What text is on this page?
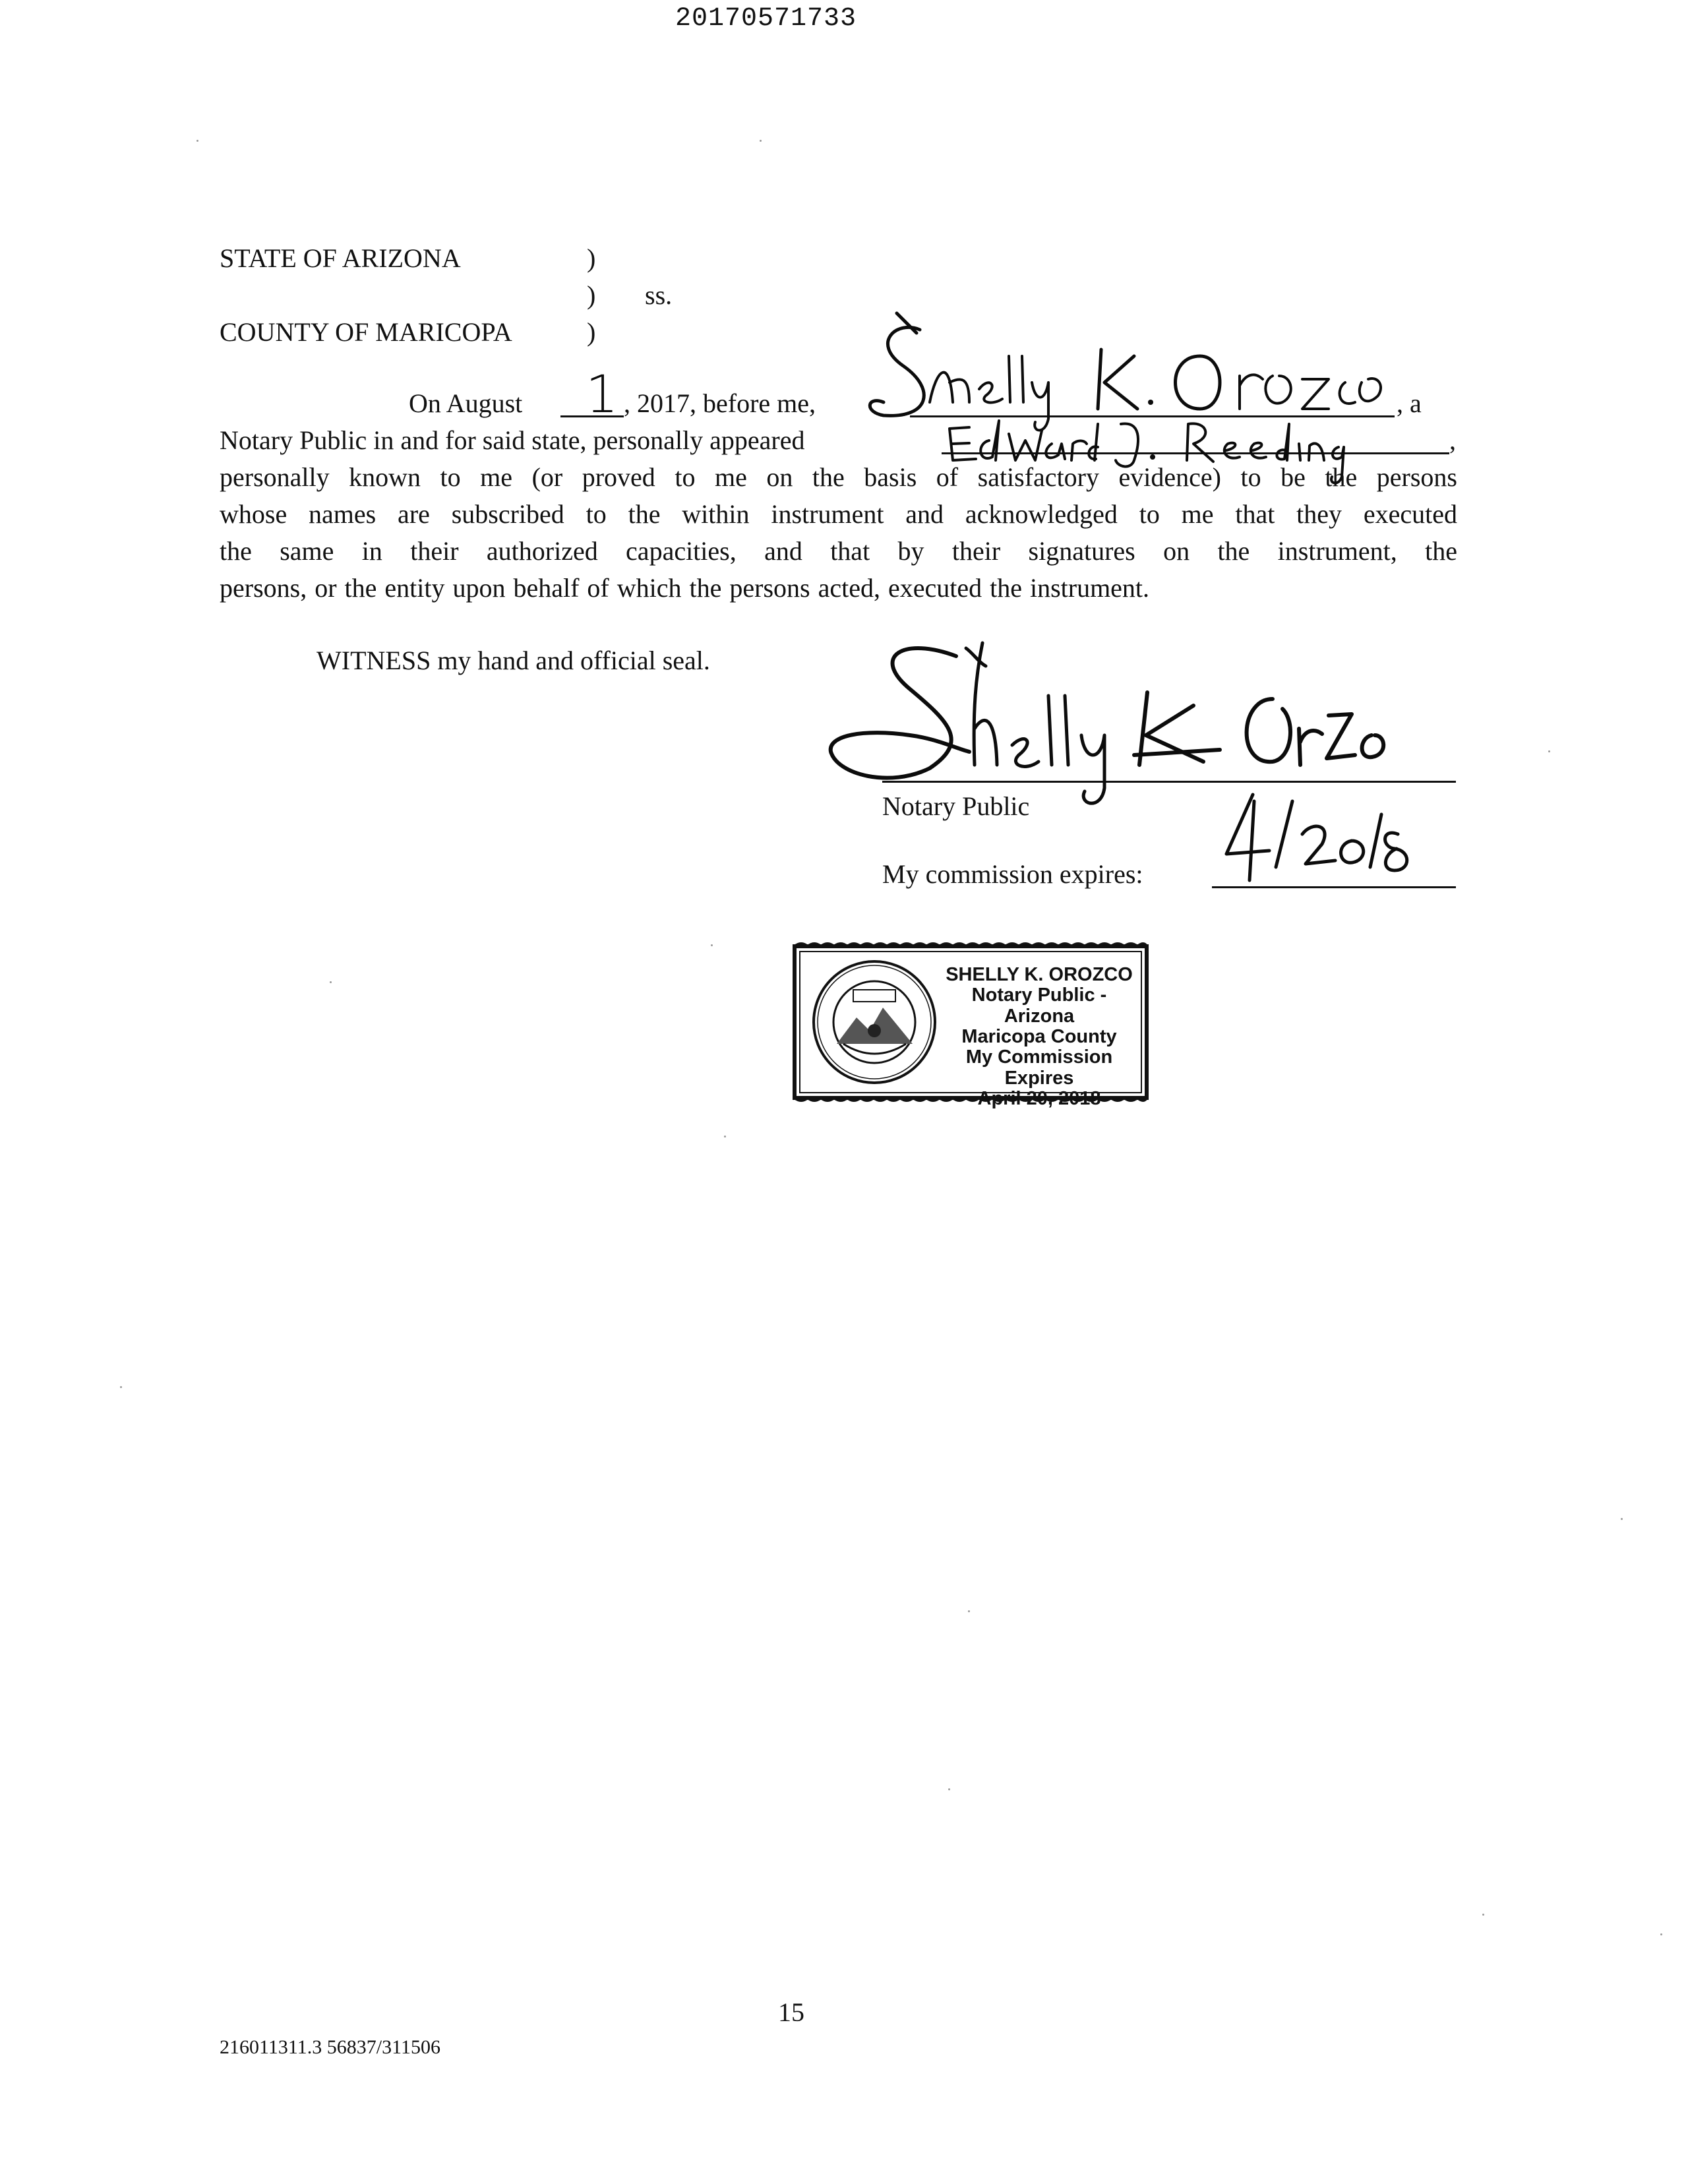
20170571733
STATE OF ARIZONA	)
) ss.
COUNTY OF MARICOPA	)
On August 1 , 2017, before me,	, a
Notary Public in and for said state, personally appeared	,
personally known to me (or proved to me on the basis of satisfactory evidence) to be the persons
whose names are subscribed to the within instrument and acknowledged to me that they executed
the same in their authorized capacities, and that by their signatures on the instrument, the
persons, or the entity upon behalf of which the persons acted, executed the instrument.
WITNESS my hand and official seal.
Notary Public
My commission expires:
SHELLY K. OROZCO
Notary Public - Arizona
Maricopa County
My Commission Expires
April 20, 2018
15
216011311.3 56837/311506
